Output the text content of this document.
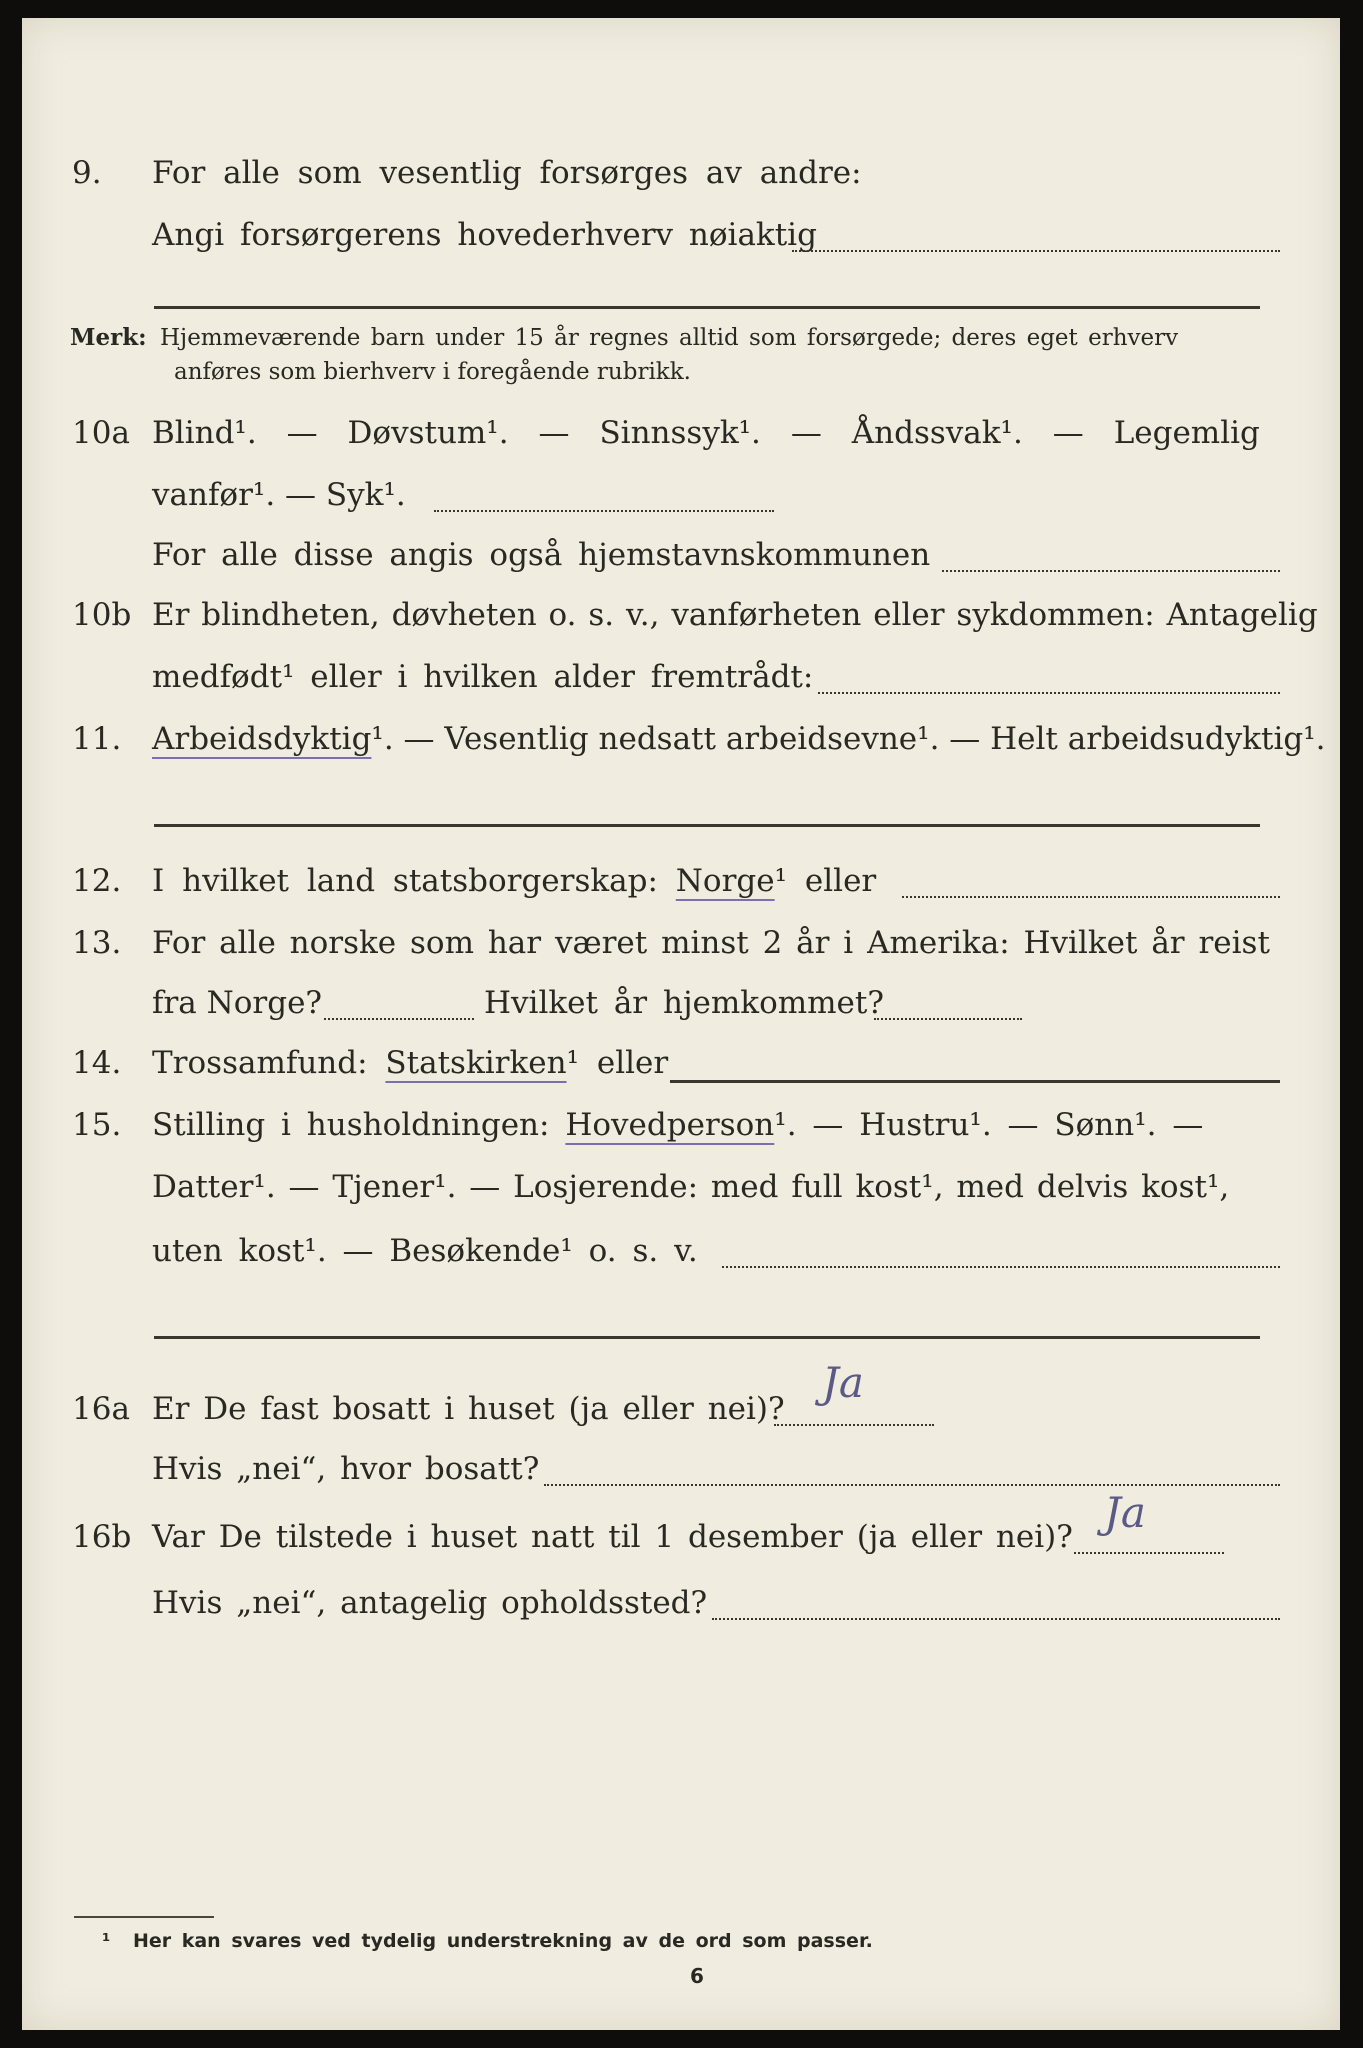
9. For alle som vesentlig forsørges av andre:
Angi forsørgerens hovederhverv nøiaktig
Merk: Hjemmeværende barn under 15 år regnes alltid som forsørgede; deres eget erhverv
anføres som bierhverv i foregående rubrikk.
10a Blind¹. — Døvstum¹. — Sinnssyk¹. — Åndssvak¹. — Legemlig
vanfør¹. — Syk¹.
For alle disse angis også hjemstavnskommunen
10b Er blindheten, døvheten o. s. v., vanførheten eller sykdommen: Antagelig
medfødt¹ eller i hvilken alder fremtrådt:
11. Arbeidsdyktig¹. — Vesentlig nedsatt arbeidsevne¹. — Helt arbeidsudyktig¹.
12. I hvilket land statsborgerskap: Norge¹ eller
13. For alle norske som har været minst 2 år i Amerika: Hvilket år reist
fra Norge?	Hvilket år hjemkommet?
14. Trossamfund: Statskirken¹ eller
15. Stilling i husholdningen: Hovedperson¹. — Hustru¹. — Sønn¹. —
Datter¹. — Tjener¹. — Losjerende: med full kost¹, med delvis kost¹,
uten kost¹. — Besøkende¹ o. s. v.
16a Er De fast bosatt i huset (ja eller nei)?
Ja
Hvis „nei“, hvor bosatt?
16b Var De tilstede i huset natt til 1 desember (ja eller nei)? Ja
Hvis „nei“, antagelig opholdssted?
¹ Her kan svares ved tydelig understrekning av de ord som passer.
6
